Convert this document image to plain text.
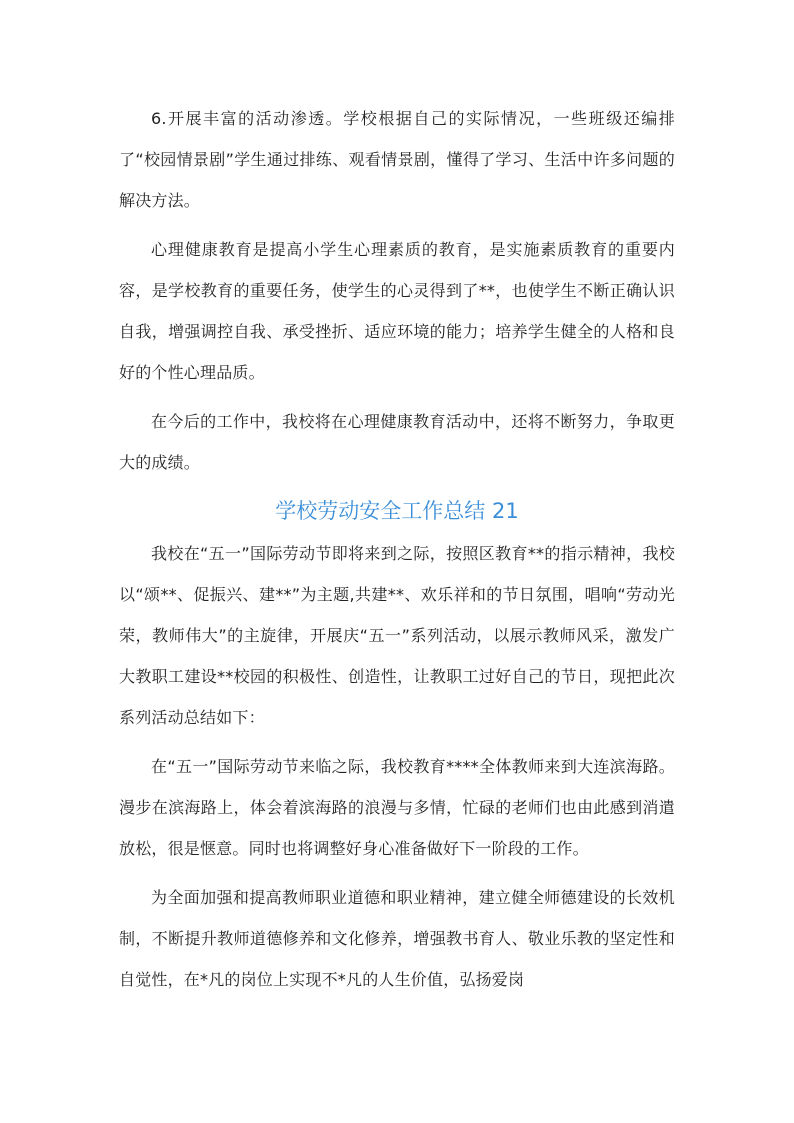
6.开展丰富的活动渗透。学校根据自己的实际情况，一些班级还编排了“校园情景剧”学生通过排练、观看情景剧，懂得了学习、生活中许多问题的解决方法。

心理健康教育是提高小学生心理素质的教育，是实施素质教育的重要内容，是学校教育的重要任务，使学生的心灵得到了**，也使学生不断正确认识自我，增强调控自我、承受挫折、适应环境的能力；培养学生健全的人格和良好的个性心理品质。

在今后的工作中，我校将在心理健康教育活动中，还将不断努力，争取更大的成绩。

学校劳动安全工作总结 21

我校在“五一”国际劳动节即将来到之际，按照区教育**的指示精神，我校以“颂**、促振兴、建**”为主题,共建**、欢乐祥和的节日氛围，唱响“劳动光荣，教师伟大”的主旋律，开展庆“五一”系列活动，以展示教师风采，激发广大教职工建设**校园的积极性、创造性，让教职工过好自己的节日，现把此次系列活动总结如下：

在“五一”国际劳动节来临之际，我校教育****全体教师来到大连滨海路。漫步在滨海路上，体会着滨海路的浪漫与多情，忙碌的老师们也由此感到消遣放松，很是惬意。同时也将调整好身心准备做好下一阶段的工作。

为全面加强和提高教师职业道德和职业精神，建立健全师德建设的长效机制，不断提升教师道德修养和文化修养，增强教书育人、敬业乐教的坚定性和自觉性，在*凡的岗位上实现不*凡的人生价值，弘扬爱岗
